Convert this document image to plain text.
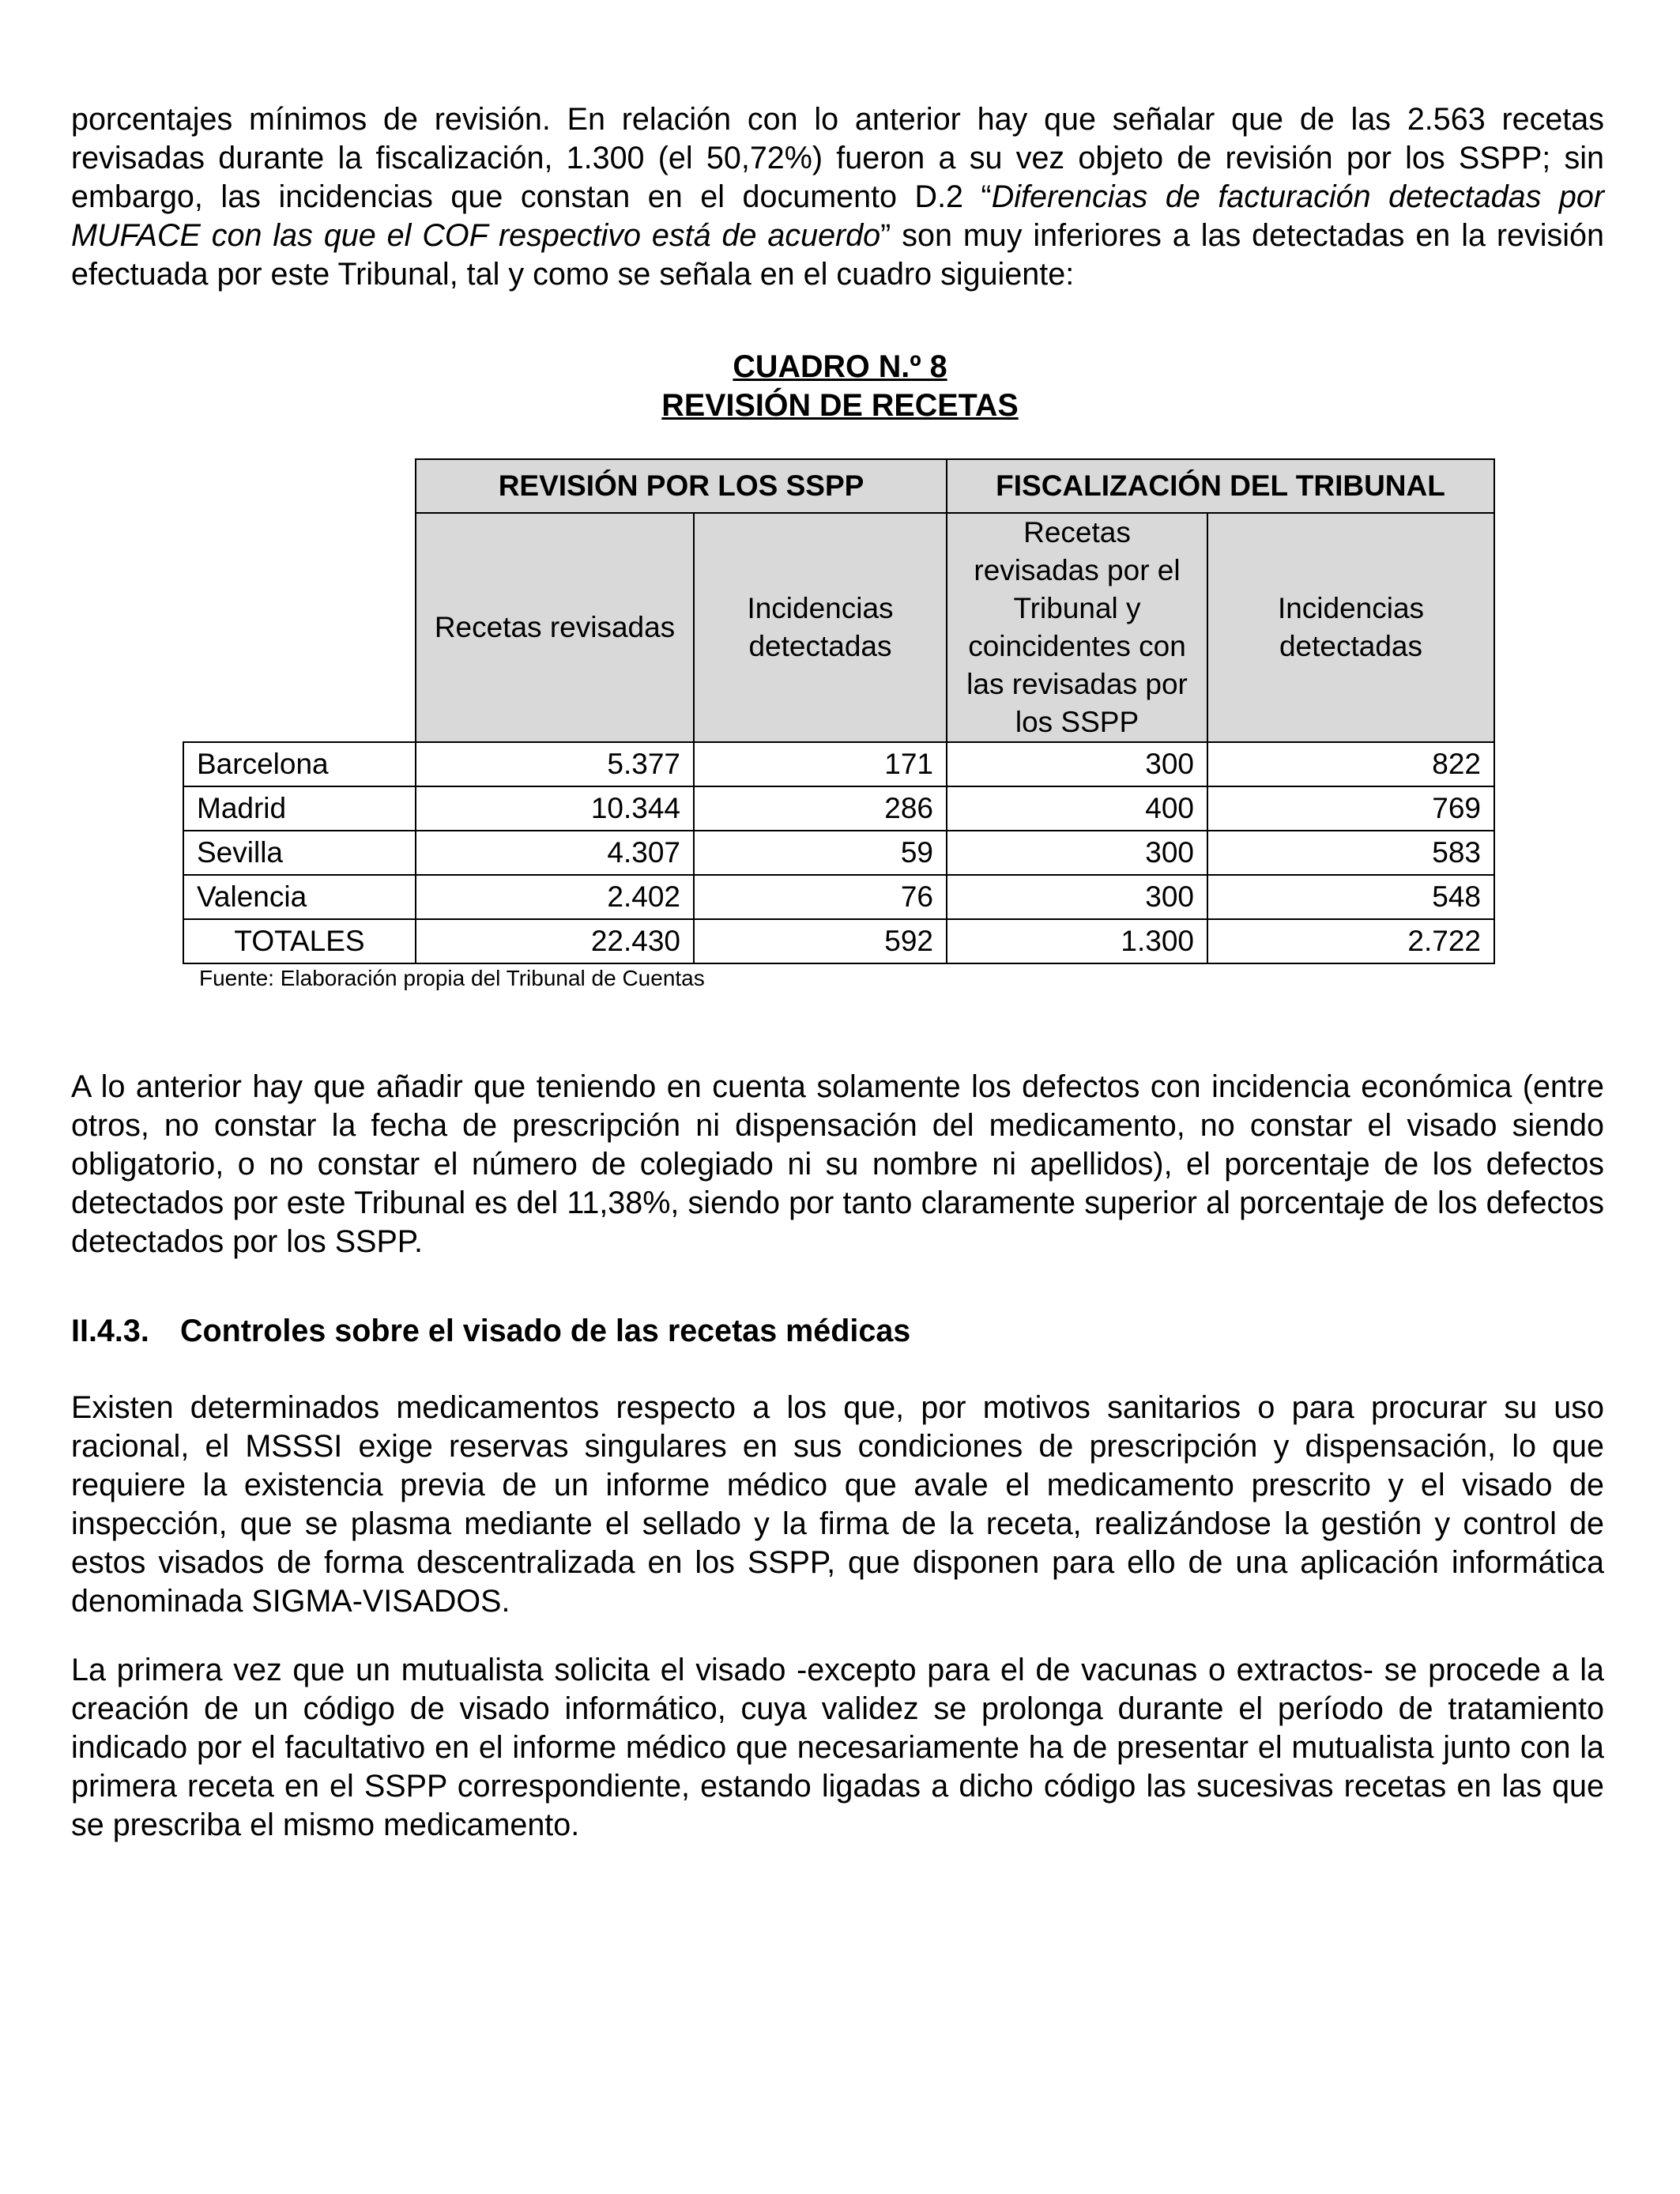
porcentajes mínimos de revisión. En relación con lo anterior hay que señalar que de las 2.563 recetas revisadas durante la fiscalización, 1.300 (el 50,72%) fueron a su vez objeto de revisión por los SSPP; sin embargo, las incidencias que constan en el documento D.2 “Diferencias de facturación detectadas por MUFACE con las que el COF respectivo está de acuerdo” son muy inferiores a las detectadas en la revisión efectuada por este Tribunal, tal y como se señala en el cuadro siguiente:

CUADRO N.º 8

REVISIÓN DE RECETAS

	REVISIÓN POR LOS SSPP		FISCALIZACIÓN DEL TRIBUNAL	
	Recetas revisadas	Incidencias detectadas	Recetas revisadas por el Tribunal y coincidentes con las revisadas por los SSPP	Incidencias detectadas
Barcelona	5.377	171	300	822
Madrid	10.344	286	400	769
Sevilla	4.307	59	300	583
Valencia	2.402	76	300	548
TOTALES	22.430	592	1.300	2.722

Fuente: Elaboración propia del Tribunal de Cuentas

A lo anterior hay que añadir que teniendo en cuenta solamente los defectos con incidencia económica (entre otros, no constar la fecha de prescripción ni dispensación del medicamento, no constar el visado siendo obligatorio, o no constar el número de colegiado ni su nombre ni apellidos), el porcentaje de los defectos detectados por este Tribunal es del 11,38%, siendo por tanto claramente superior al porcentaje de los defectos detectados por los SSPP.

II.4.3. Controles sobre el visado de las recetas médicas

Existen determinados medicamentos respecto a los que, por motivos sanitarios o para procurar su uso racional, el MSSSI exige reservas singulares en sus condiciones de prescripción y dispensación, lo que requiere la existencia previa de un informe médico que avale el medicamento prescrito y el visado de inspección, que se plasma mediante el sellado y la firma de la receta, realizándose la gestión y control de estos visados de forma descentralizada en los SSPP, que disponen para ello de una aplicación informática denominada SIGMA-VISADOS.

La primera vez que un mutualista solicita el visado -excepto para el de vacunas o extractos- se procede a la creación de un código de visado informático, cuya validez se prolonga durante el período de tratamiento indicado por el facultativo en el informe médico que necesariamente ha de presentar el mutualista junto con la primera receta en el SSPP correspondiente, estando ligadas a dicho código las sucesivas recetas en las que se prescriba el mismo medicamento.
